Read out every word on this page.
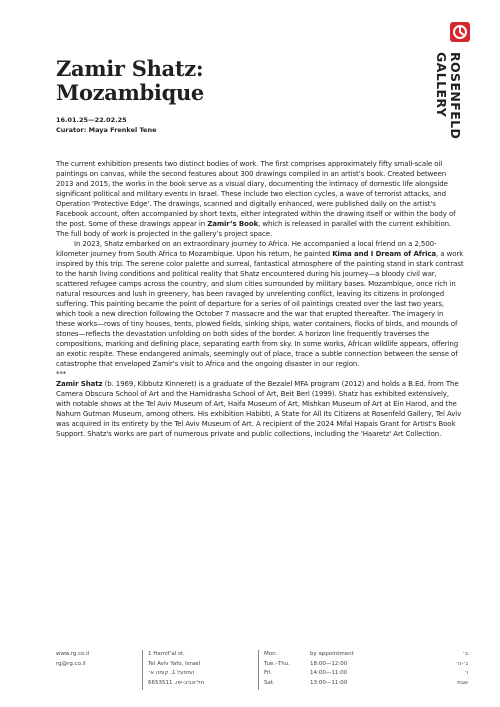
ROSENFELD
GALLERY
Zamir Shatz:
Mozambique
16.01.25—22.02.25
Curator: Maya Frenkel Tene

The current exhibition presents two distinct bodies of work. The first comprises approximately fifty small-scale oil paintings on canvas, while the second features about 300 drawings compiled in an artist’s book. Created between 2013 and 2015, the works in the book serve as a visual diary, documenting the intimacy of domestic life alongside significant political and military events in Israel. These include two election cycles, a wave of terrorist attacks, and Operation 'Protective Edge'. The drawings, scanned and digitally enhanced, were published daily on the artist's Facebook account, often accompanied by short texts, either integrated within the drawing itself or within the body of the post. Some of these drawings appear in Zamir’s Book, which is released in parallel with the current exhibition. The full body of work is projected in the gallery’s project space.

In 2023, Shatz embarked on an extraordinary journey to Africa. He accompanied a local friend on a 2,500-kilometer journey from South Africa to Mozambique. Upon his return, he painted Kima and I Dream of Africa, a work inspired by this trip. The serene color palette and surreal, fantastical atmosphere of the painting stand in stark contrast to the harsh living conditions and political reality that Shatz encountered during his journey—a bloody civil war, scattered refugee camps across the country, and slum cities surrounded by military bases. Mozambique, once rich in natural resources and lush in greenery, has been ravaged by unrelenting conflict, leaving its citizens in prolonged suffering. This painting became the point of departure for a series of oil paintings created over the last two years, which took a new direction following the October 7 massacre and the war that erupted thereafter. The imagery in these works—rows of tiny houses, tents, plowed fields, sinking ships, water containers, flocks of birds, and mounds of stones—reflects the devastation unfolding on both sides of the border. A horizon line frequently traverses the compositions, marking and defining place, separating earth from sky. In some works, African wildlife appears, offering an exotic respite. These endangered animals, seemingly out of place, trace a subtle connection between the sense of catastrophe that enveloped Zamir's visit to Africa and the ongoing disaster in our region.

***

Zamir Shatz (b. 1969, Kibbutz Kinneret) is a graduate of the Bezalel MFA program (2012) and holds a B.Ed. from The Camera Obscura School of Art and the Hamidrasha School of Art, Beit Berl (1999). Shatz has exhibited extensively, with notable shows at the Tel Aviv Museum of Art, Haifa Museum of Art, Mishkan Museum of Art at Ein Harod, and the Nahum Gutman Museum, among others. His exhibition Habibti, A State for All Its Citizens at Rosenfeld Gallery, Tel Aviv was acquired in its entirety by the Tel Aviv Museum of Art. A recipient of the 2024 Mifal Hapais Grant for Artist's Book Support. Shatz's works are part of numerous private and public collections, including the 'Haaretz' Art Collection.

www.rg.co.il
rg@rg.co.il
1 Hamif’al st.
Tel Aviv Yafo, Israel
המפעל 1, קומה א׳
תל־אביב-יפו, 6653511
Mon.	by appointment	ב׳
Tue.–Thu.	18:00—12:00	ג׳-ה׳
Fri.	14:00—11:00	ו׳
Sat.	13:00—11:00	שבת
